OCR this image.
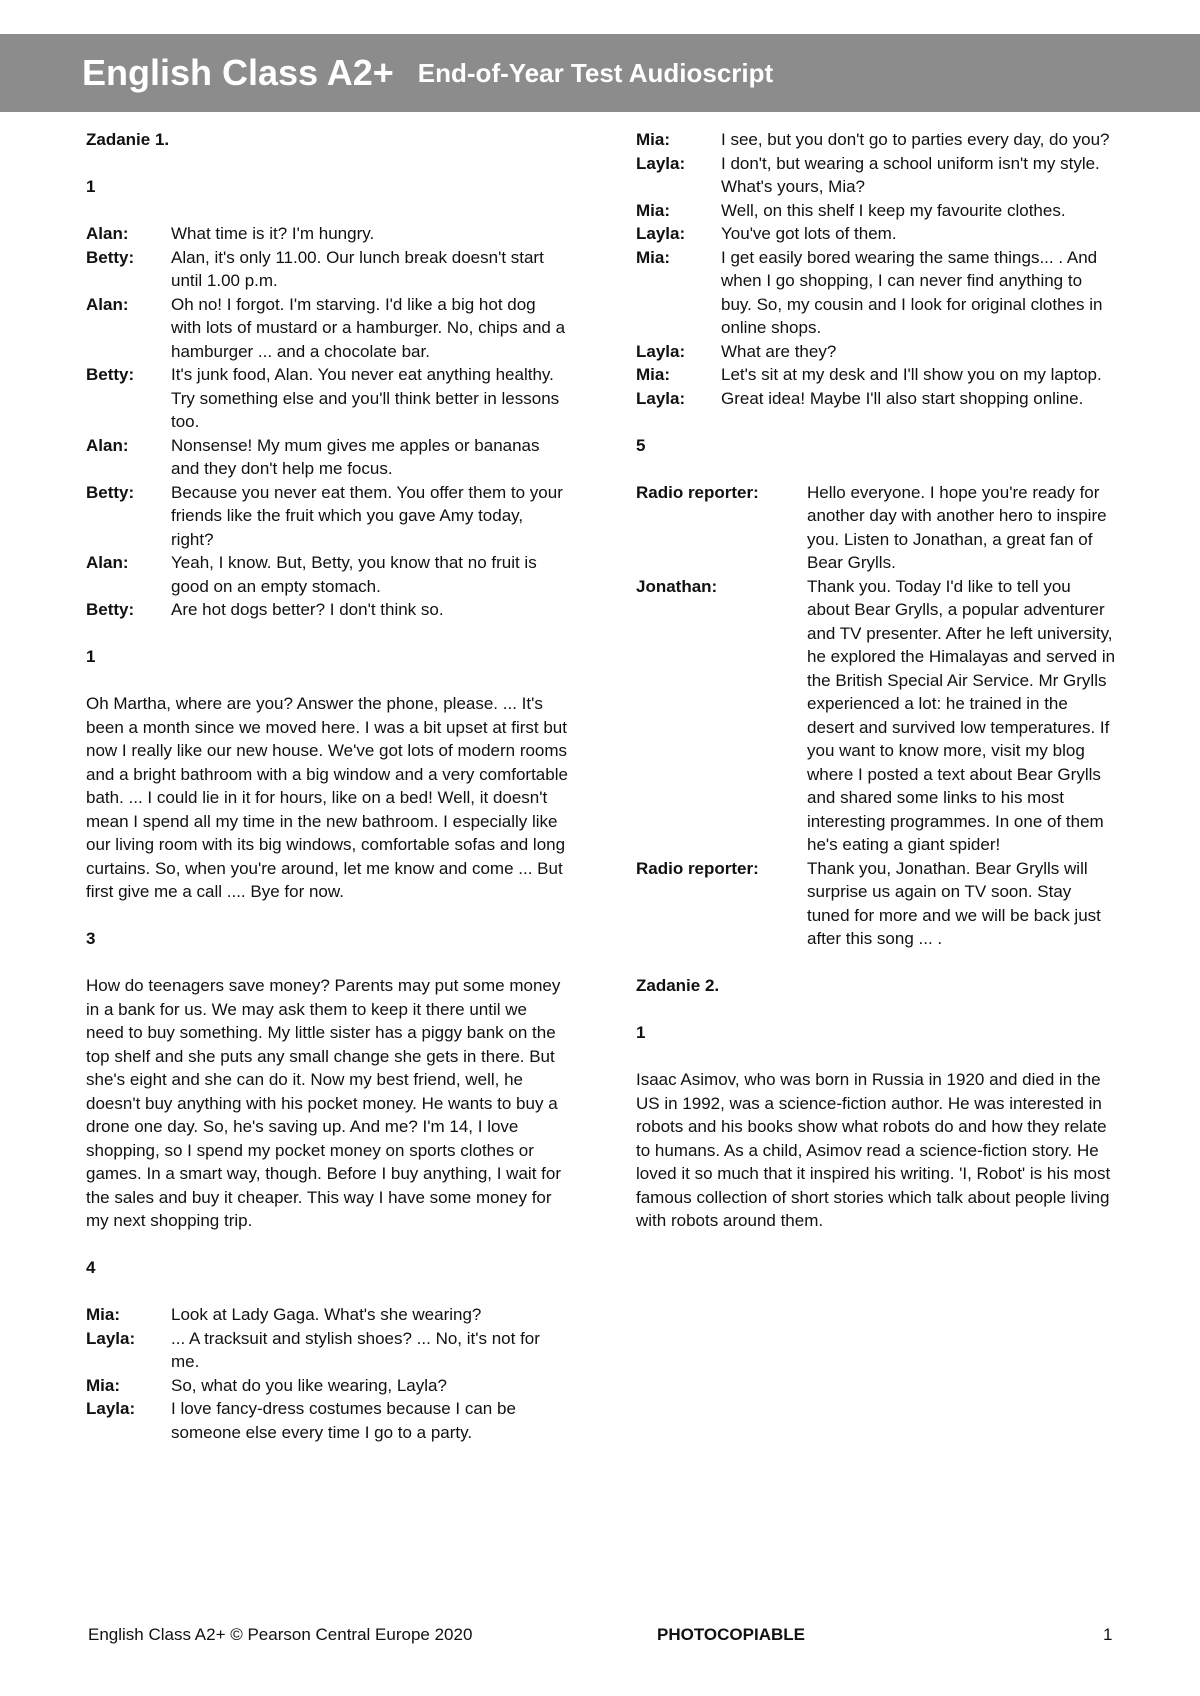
English Class A2+ End-of-Year Test Audioscript
Zadanie 1.
1
Alan:	What time is it? I'm hungry.
Betty:	Alan, it's only 11.00. Our lunch break doesn't start until 1.00 p.m.
Alan:	Oh no! I forgot. I'm starving. I'd like a big hot dog with lots of mustard or a hamburger. No, chips and a hamburger ... and a chocolate bar.
Betty:	It's junk food, Alan. You never eat anything healthy. Try something else and you'll think better in lessons too.
Alan:	Nonsense! My mum gives me apples or bananas and they don't help me focus.
Betty:	Because you never eat them. You offer them to your friends like the fruit which you gave Amy today, right?
Alan:	Yeah, I know. But, Betty, you know that no fruit is good on an empty stomach.
Betty:	Are hot dogs better? I don't think so.
1

Oh Martha, where are you? Answer the phone, please. ... It's been a month since we moved here. I was a bit upset at first but now I really like our new house. We've got lots of modern rooms and a bright bathroom with a big window and a very comfortable bath. ... I could lie in it for hours, like on a bed! Well, it doesn't mean I spend all my time in the new bathroom. I especially like our living room with its big windows, comfortable sofas and long curtains. So, when you're around, let me know and come ... But first give me a call .... Bye for now.

3

How do teenagers save money? Parents may put some money in a bank for us. We may ask them to keep it there until we need to buy something. My little sister has a piggy bank on the top shelf and she puts any small change she gets in there. But she's eight and she can do it. Now my best friend, well, he doesn't buy anything with his pocket money. He wants to buy a drone one day. So, he's saving up. And me? I'm 14, I love shopping, so I spend my pocket money on sports clothes or games. In a smart way, though. Before I buy anything, I wait for the sales and buy it cheaper. This way I have some money for my next shopping trip.

4
Mia:	Look at Lady Gaga. What's she wearing?
Layla:	... A tracksuit and stylish shoes? ... No, it's not for me.
Mia:	So, what do you like wearing, Layla?
Layla:	I love fancy-dress costumes because I can be someone else every time I go to a party.
Mia:	I see, but you don't go to parties every day, do you?
Layla:	I don't, but wearing a school uniform isn't my style. What's yours, Mia?
Mia:	Well, on this shelf I keep my favourite clothes.
Layla:	You've got lots of them.
Mia:	I get easily bored wearing the same things... . And when I go shopping, I can never find anything to buy. So, my cousin and I look for original clothes in online shops.
Layla:	What are they?
Mia:	Let's sit at my desk and I'll show you on my laptop.
Layla:	Great idea! Maybe I'll also start shopping online.
5
Radio reporter:	Hello everyone. I hope you're ready for another day with another hero to inspire you. Listen to Jonathan, a great fan of Bear Grylls.
Jonathan:	Thank you. Today I'd like to tell you about Bear Grylls, a popular adventurer and TV presenter. After he left university, he explored the Himalayas and served in the British Special Air Service. Mr Grylls experienced a lot: he trained in the desert and survived low temperatures. If you want to know more, visit my blog where I posted a text about Bear Grylls and shared some links to his most interesting programmes. In one of them he's eating a giant spider!
Radio reporter:	Thank you, Jonathan. Bear Grylls will surprise us again on TV soon. Stay tuned for more and we will be back just after this song ... .
Zadanie 2.
1

Isaac Asimov, who was born in Russia in 1920 and died in the US in 1992, was a science-fiction author. He was interested in robots and his books show what robots do and how they relate to humans. As a child, Asimov read a science-fiction story. He loved it so much that it inspired his writing. 'I, Robot' is his most famous collection of short stories which talk about people living with robots around them.

English Class A2+ © Pearson Central Europe 2020	PHOTOCOPIABLE	1
